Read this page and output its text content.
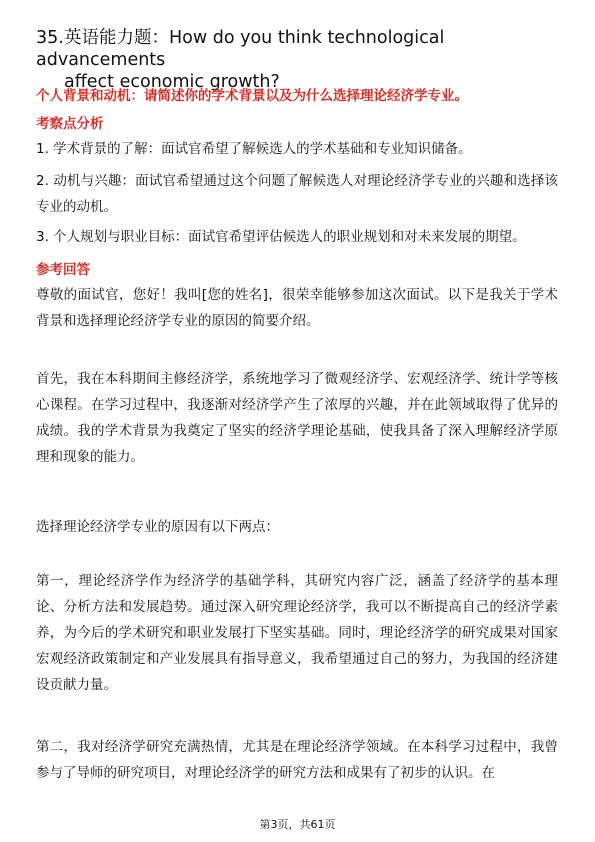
35.英语能力题：How do you think technological advancements
affect economic growth?
个人背景和动机：请简述你的学术背景以及为什么选择理论经济学专业。
考察点分析
1. 学术背景的了解：面试官希望了解候选人的学术基础和专业知识储备。
2. 动机与兴趣：面试官希望通过这个问题了解候选人对理论经济学专业的兴趣和选择该专业的动机。
3. 个人规划与职业目标：面试官希望评估候选人的职业规划和对未来发展的期望。
参考回答
尊敬的面试官，您好！我叫[您的姓名]，很荣幸能够参加这次面试。以下是我关于学术背景和选择理论经济学专业的原因的简要介绍。
首先，我在本科期间主修经济学，系统地学习了微观经济学、宏观经济学、统计学等核心课程。在学习过程中，我逐渐对经济学产生了浓厚的兴趣，并在此领域取得了优异的成绩。我的学术背景为我奠定了坚实的经济学理论基础，使我具备了深入理解经济学原理和现象的能力。
选择理论经济学专业的原因有以下两点：
第一，理论经济学作为经济学的基础学科，其研究内容广泛，涵盖了经济学的基本理论、分析方法和发展趋势。通过深入研究理论经济学，我可以不断提高自己的经济学素养，为今后的学术研究和职业发展打下坚实基础。同时，理论经济学的研究成果对国家宏观经济政策制定和产业发展具有指导意义，我希望通过自己的努力，为我国的经济建设贡献力量。
第二，我对经济学研究充满热情，尤其是在理论经济学领域。在本科学习过程中，我曾参与了导师的研究项目，对理论经济学的研究方法和成果有了初步的认识。在
第3页，共61页
